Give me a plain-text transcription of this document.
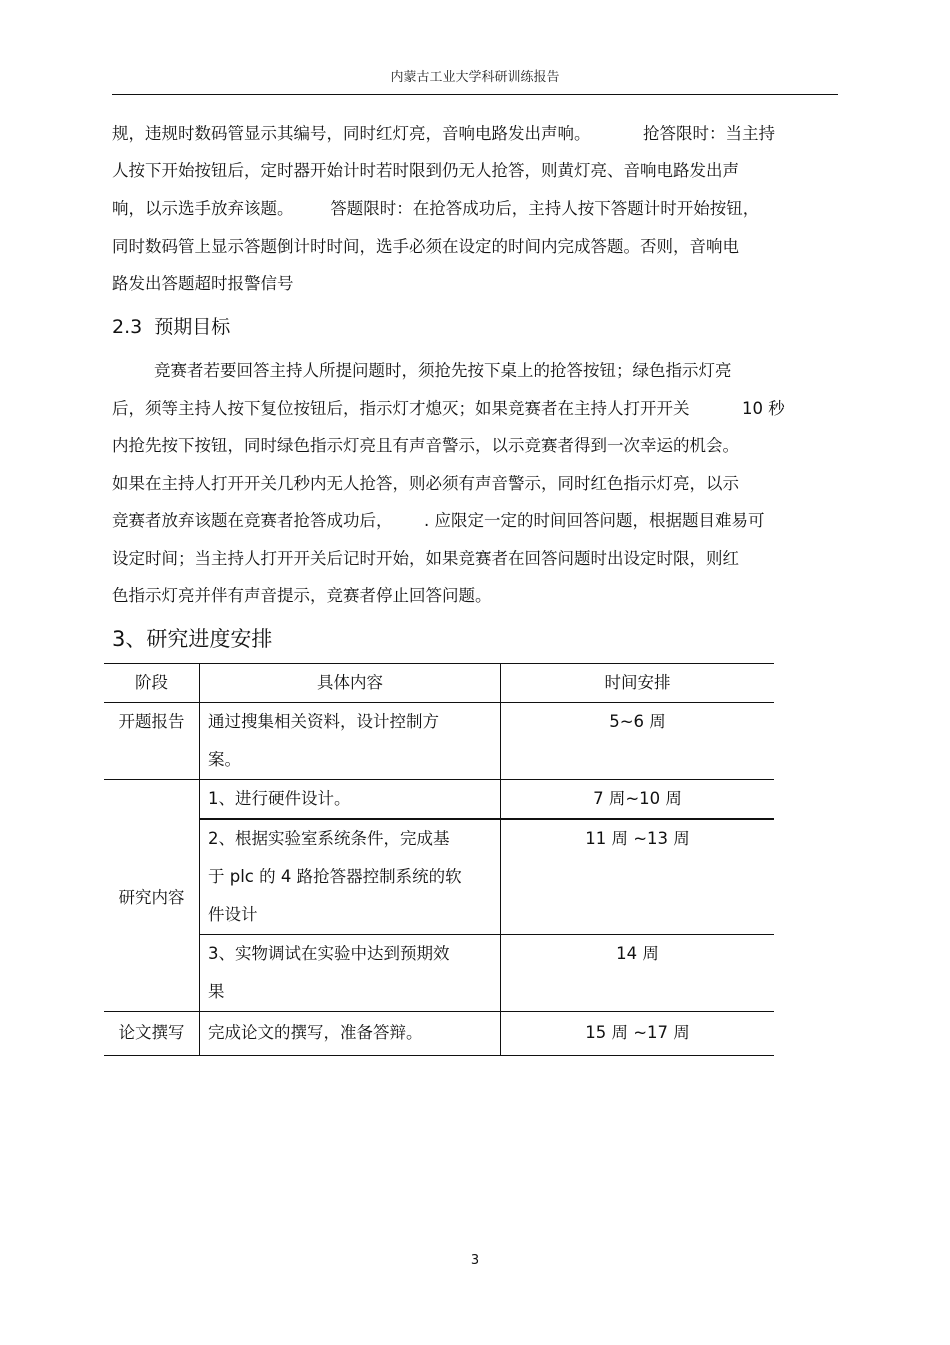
内蒙古工业大学科研训练报告
规，违规时数码管显示其编号，同时红灯亮，音响电路发出声响。          抢答限时：当主持
人按下开始按钮后，定时器开始计时若时限到仍无人抢答，则黄灯亮、音响电路发出声
响，以示选手放弃该题。       答题限时：在抢答成功后，主持人按下答题计时开始按钮，
同时数码管上显示答题倒计时时间，选手必须在设定的时间内完成答题。否则，音响电
路发出答题超时报警信号
2.3  预期目标
竞赛者若要回答主持人所提问题时，须抢先按下桌上的抢答按钮；绿色指示灯亮
后，须等主持人按下复位按钮后，指示灯才熄灭；如果竞赛者在主持人打开开关          10 秒
内抢先按下按钮，同时绿色指示灯亮且有声音警示，以示竞赛者得到一次幸运的机会。
如果在主持人打开开关几秒内无人抢答，则必须有声音警示，同时红色指示灯亮，以示
竞赛者放弃该题在竞赛者抢答成功后，      . 应限定一定的时间回答问题，根据题目难易可
设定时间；当主持人打开开关后记时开始，如果竞赛者在回答问题时出设定时限，则红
色指示灯亮并伴有声音提示，竞赛者停止回答问题。
3、研究进度安排
阶段	具体内容	时间安排

开题报告	通过搜集相关资料，设计控制方
案。	5~6 周

研究内容	1、进行硬件设计。	7 周~10 周

	2、根据实验室系统条件，完成基
于 plc 的 4 路抢答器控制系统的软
件设计	11 周 ~13 周

	3、实物调试在实验中达到预期效
果	14 周

论文撰写	完成论文的撰写，准备答辩。	15 周 ~17 周
3
